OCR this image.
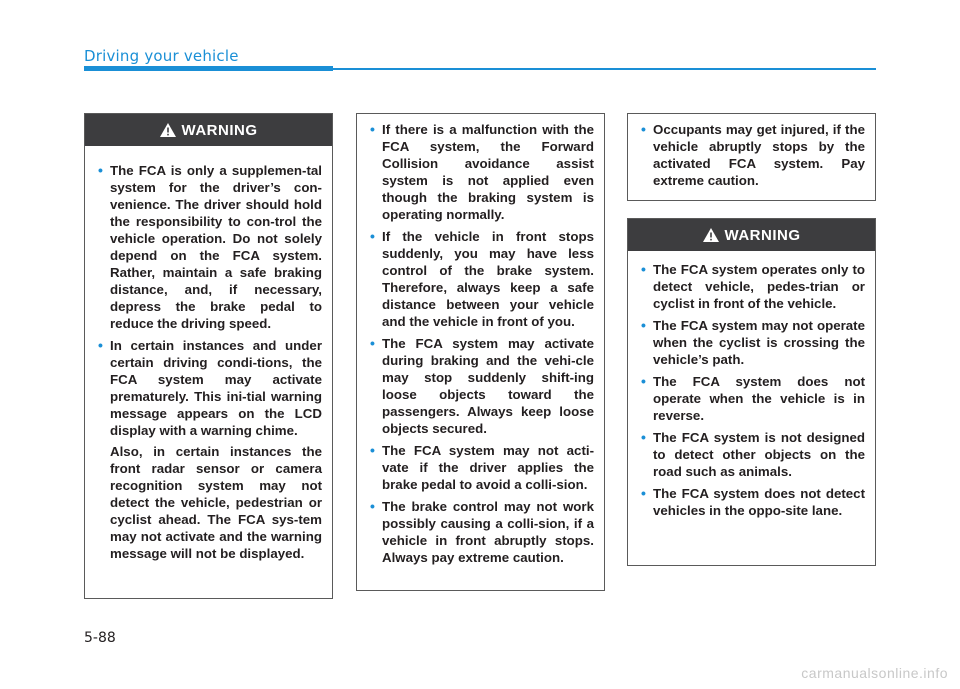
Driving your vehicle
WARNING
• The FCA is only a supplemen-tal system for the driver’s con-venience. The driver should hold the responsibility to con-trol the vehicle operation. Do not solely depend on the FCA system. Rather, maintain a safe braking distance, and, if necessary, depress the brake pedal to reduce the driving speed.

• In certain instances and under certain driving condi-tions, the FCA system may activate prematurely. This ini-tial warning message appears on the LCD display with a warning chime.

Also, in certain instances the front radar sensor or camera recognition system may not detect the vehicle, pedestrian or cyclist ahead. The FCA sys-tem may not activate and the warning message will not be displayed.

• If there is a malfunction with the FCA system, the Forward Collision avoidance assist system is not applied even though the braking system is operating normally.

• If the vehicle in front stops suddenly, you may have less control of the brake system. Therefore, always keep a safe distance between your vehicle and the vehicle in front of you.

• The FCA system may activate during braking and the vehi-cle may stop suddenly shift-ing loose objects toward the passengers. Always keep loose objects secured.

• The FCA system may not acti-vate if the driver applies the brake pedal to avoid a colli-sion.

• The brake control may not work possibly causing a colli-sion, if a vehicle in front abruptly stops. Always pay extreme caution.

• Occupants may get injured, if the vehicle abruptly stops by the activated FCA system. Pay extreme caution.

WARNING
• The FCA system operates only to detect vehicle, pedes-trian or cyclist in front of the vehicle.

• The FCA system may not operate when the cyclist is crossing the vehicle’s path.

• The FCA system does not operate when the vehicle is in reverse.

• The FCA system is not designed to detect other objects on the road such as animals.

• The FCA system does not detect vehicles in the oppo-site lane.

5-88
carmanualsonline.info
